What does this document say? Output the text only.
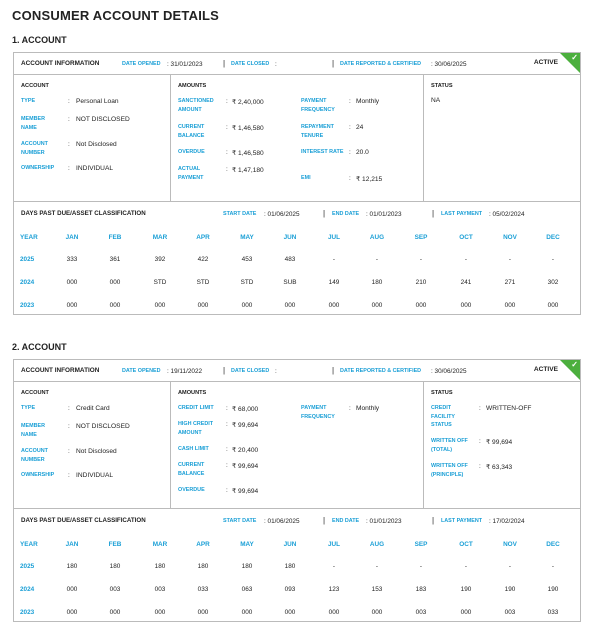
CONSUMER ACCOUNT DETAILS
ACCOUNT INFORMATION	DATE OPENED : 31/01/2023	| DATE CLOSED :	| DATE REPORTED & CERTIFIED : 30/06/2025	ACTIVE
✓
ACCOUNT
TYPE	: Personal Loan
MEMBER NAME
: NOT DISCLOSED
ACCOUNT NUMBER
: Not Disclosed
OWNERSHIP	: INDIVIDUAL
AMOUNTS
SANCTIONED AMOUNT
: ₹ 2,40,000
CURRENT BALANCE
: ₹ 1,46,580
OVERDUE	: ₹ 1,46,580
ACTUAL PAYMENT
: ₹ 1,47,180
PAYMENT FREQUENCY
: Monthly
REPAYMENT TENURE
: 24
INTEREST RATE : 20.0
EMI	: ₹ 12,215
STATUS
NA
DAYS PAST DUE/ASSET CLASSIFICATION	START DATE : 01/06/2025	| END DATE : 01/01/2023	| LAST PAYMENT : 05/02/2024
YEAR	JAN	FEB	MAR	APR	MAY	JUN	JUL	AUG	SEP	OCT	NOV	DEC
2025	333	361	392	422	453	483	-	-	-	-	-	-
2024	000	000	STD	STD	STD	SUB	149	180	210	241	271	302
2023	000	000	000	000	000	000	000	000	000	000	000	000
ACCOUNT INFORMATION	DATE OPENED : 19/11/2022	| DATE CLOSED :	| DATE REPORTED & CERTIFIED : 30/06/2025	ACTIVE
✓
ACCOUNT
TYPE	: Credit Card
MEMBER NAME
: NOT DISCLOSED
ACCOUNT NUMBER
: Not Disclosed
OWNERSHIP	: INDIVIDUAL
AMOUNTS
CREDIT LIMIT	: ₹ 68,000
HIGH CREDIT AMOUNT
: ₹ 99,694
CASH LIMIT	: ₹ 20,400
CURRENT BALANCE
: ₹ 99,694
OVERDUE	: ₹ 99,694
PAYMENT FREQUENCY
: Monthly
STATUS
CREDIT FACILITY STATUS
: WRITTEN-OFF
WRITTEN OFF (TOTAL)
: ₹ 99,694
WRITTEN OFF (PRINCIPLE)
: ₹ 63,343
DAYS PAST DUE/ASSET CLASSIFICATION	START DATE : 01/06/2025	| END DATE : 01/01/2023	| LAST PAYMENT : 17/02/2024
YEAR	JAN	FEB	MAR	APR	MAY	JUN	JUL	AUG	SEP	OCT	NOV	DEC
2025	180	180	180	180	180	180	-	-	-	-	-	-
2024	000	003	003	033	063	093	123	153	183	190	190	190
2023	000	000	000	000	000	000	000	000	003	000	003	033
1. ACCOUNT
2. ACCOUNT
